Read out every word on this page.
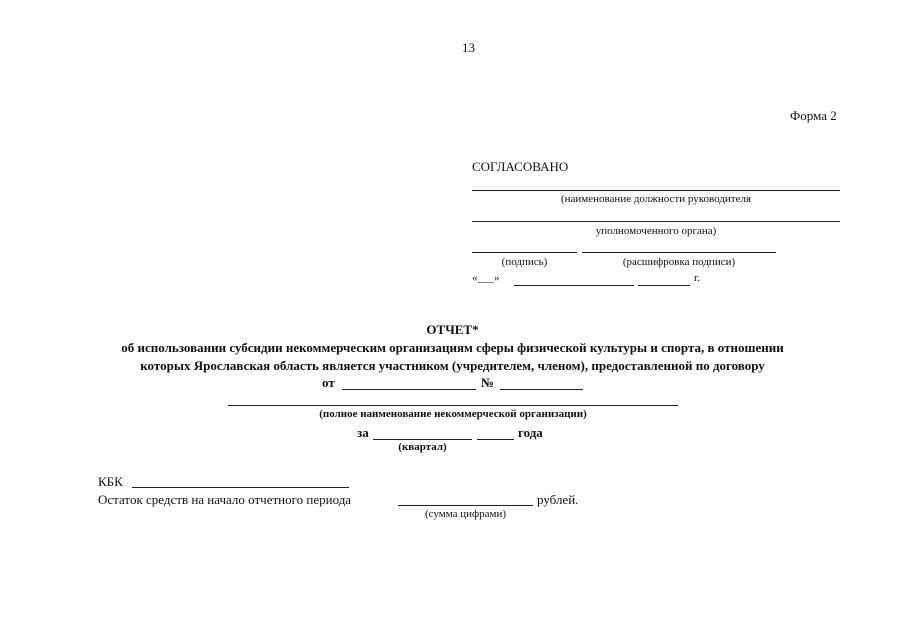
13
Форма 2
СОГЛАСОВАНО
(наименование должности руководителя
уполномоченного органа)
(подпись)	(расшифровка подписи)
«___»	г.
ОТЧЕТ*
об использовании субсидии некоммерческим организациям сферы физической культуры и спорта, в отношении
которых Ярославская область является участником (учредителем, членом), предоставленной по договору
от	№
(полное наименование некоммерческой организации)
за	года
(квартал)
КБК
Остаток средств на начало отчетного периода	рублей.
(сумма цифрами)
